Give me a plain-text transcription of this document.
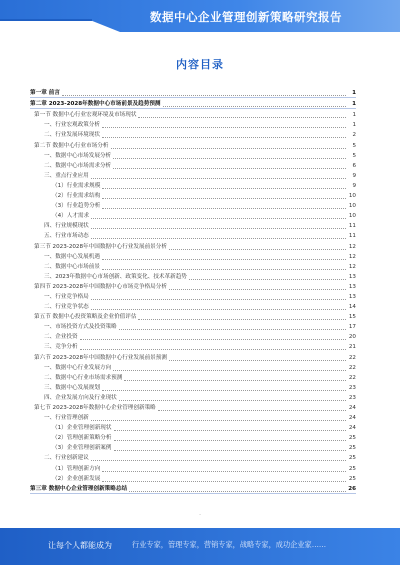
数据中心企业管理创新策略研究报告
内容目录
第一章 前言	1
第二章 2023-2028年数据中心市场前景及趋势预测	1
第一节 数据中心行业宏观环境及市场现状	1
一、行业宏观政策分析	1
二、行业发展环境现状	2
第二节 数据中心行业市场分析	5
一、数据中心市场发展分析	5
二、数据中心市场需求分析	6
三、重点行业应用	9
（1）行业需求规模	9
（2）行业需求结构	10
（3）行业趋势分析	10
（4）人才需求	10
四、行业规模现状	11
五、行业市场动态	11
第三节 2023-2028年中国数据中心行业发展前景分析	12
一、数据中心发展机遇	12
二、数据中心市场前景	12
三、2023年数据中心市场创新、政策变化、技术革新趋势	13
第四节 2023-2028年中国数据中心市场竞争格局分析	13
一、行业竞争格局	13
二、行业竞争状态	14
第五节 数据中心投资策略及企业价值评估	15
一、市场投资方式及投资策略	17
二、企业投资	20
三、竞争分析	21
第六节 2023-2028年中国数据中心行业发展前景预测	22
一、数据中心行业发展方向	22
二、数据中心行业市场需求预测	22
三、数据中心发展规划	23
四、企业发展方向及行业现状	23
第七节 2023-2028年数据中心企业管理创新策略	24
一、行业管理创新	24
（1）企业管理创新现状	24
（2）管理创新策略分析	25
（3）企业管理创新案例	25
二、行业创新建议	25
（1）管理创新方向	25
（2）企业创新发展	25
第三章 数据中心企业管理创新策略总结	26
·
让每个人都能成为	行业专家，管理专家，营销专家，战略专家，成功企业家……
